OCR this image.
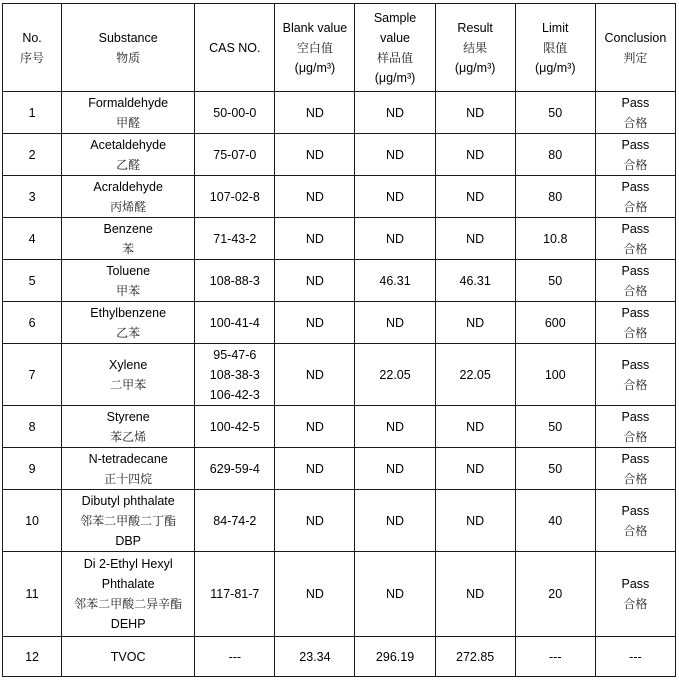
No.
序号	Substance
物质	CAS NO.	Blank value
空白值
(μg/m³)	Sample
value
样品值
(μg/m³)	Result
结果
(μg/m³)	Limit
限值
(μg/m³)	Conclusion
判定

1	Formaldehyde
甲醛	50-00-0	ND	ND	ND	50	Pass
合格

2	Acetaldehyde
乙醛	75-07-0	ND	ND	ND	80	Pass
合格

3	Acraldehyde
丙烯醛	107-02-8	ND	ND	ND	80	Pass
合格

4	Benzene
苯	71-43-2	ND	ND	ND	10.8	Pass
合格

5	Toluene
甲苯	108-88-3	ND	46.31	46.31	50	Pass
合格

6	Ethylbenzene
乙苯	100-41-4	ND	ND	ND	600	Pass
合格

7	Xylene
二甲苯	95-47-6
108-38-3
106-42-3	ND	22.05	22.05	100	Pass
合格

8	Styrene
苯乙烯	100-42-5	ND	ND	ND	50	Pass
合格

9	N-tetradecane
正十四烷	629-59-4	ND	ND	ND	50	Pass
合格

10	Dibutyl phthalate
邻苯二甲酸二丁酯
DBP	84-74-2	ND	ND	ND	40	Pass
合格

11	Di 2-Ethyl Hexyl
Phthalate
邻苯二甲酸二异辛酯
DEHP	117-81-7	ND	ND	ND	20	Pass
合格

12	TVOC	---	23.34	296.19	272.85	---	---
